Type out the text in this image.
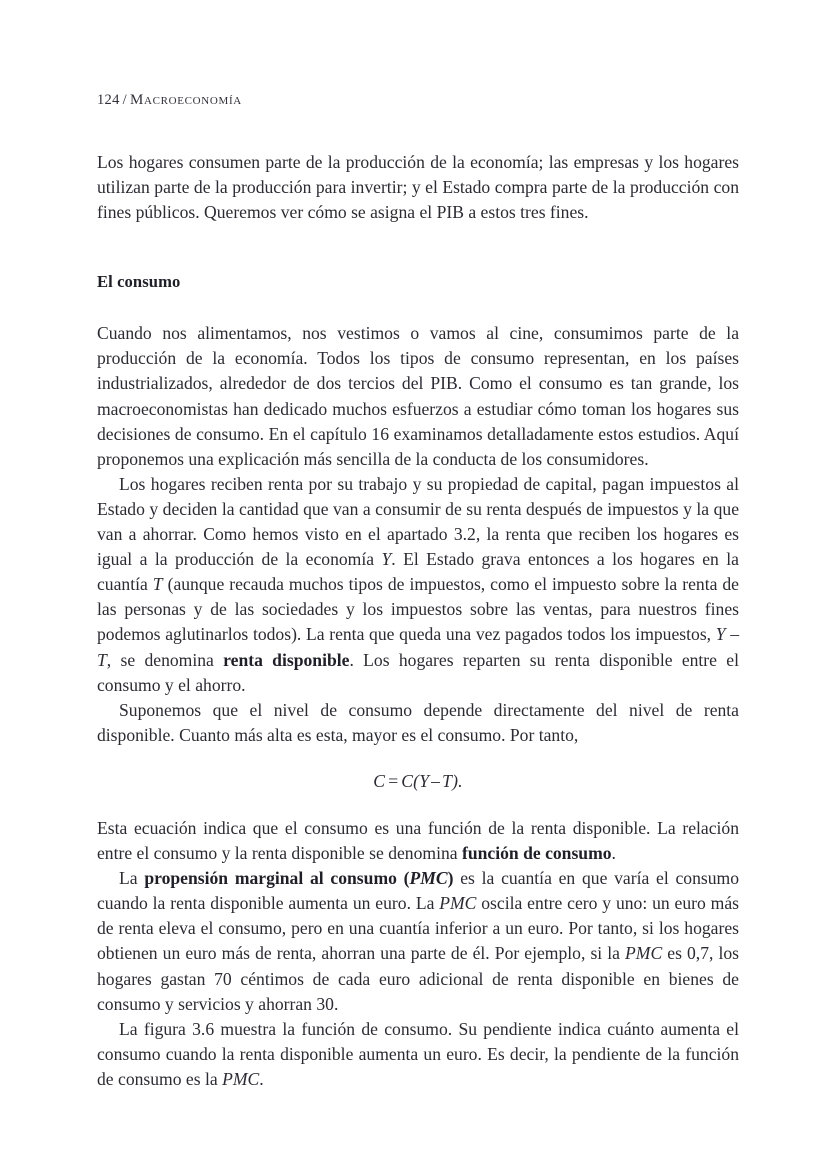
124 / Macroeconomía

Los hogares consumen parte de la producción de la economía; las empresas y los hogares utilizan parte de la producción para invertir; y el Estado compra parte de la producción con fines públicos. Queremos ver cómo se asigna el PIB a estos tres fines.

El consumo

Cuando nos alimentamos, nos vestimos o vamos al cine, consumimos parte de la producción de la economía. Todos los tipos de consumo representan, en los países industrializados, alrededor de dos tercios del PIB. Como el consumo es tan grande, los macroeconomistas han dedicado muchos esfuerzos a estudiar cómo toman los hogares sus decisiones de consumo. En el capítulo 16 examinamos detalladamente estos estudios. Aquí proponemos una explicación más sencilla de la conducta de los consumidores.

Los hogares reciben renta por su trabajo y su propiedad de capital, pagan impuestos al Estado y deciden la cantidad que van a consumir de su renta después de impuestos y la que van a ahorrar. Como hemos visto en el apartado 3.2, la renta que reciben los hogares es igual a la producción de la economía Y. El Estado grava entonces a los hogares en la cuantía T (aunque recauda muchos tipos de impuestos, como el impuesto sobre la renta de las personas y de las sociedades y los impuestos sobre las ventas, para nuestros fines podemos aglutinarlos todos). La renta que queda una vez pagados todos los impuestos, Y – T, se denomina renta disponible. Los hogares reparten su renta disponible entre el consumo y el ahorro.

Suponemos que el nivel de consumo depende directamente del nivel de renta disponible. Cuanto más alta es esta, mayor es el consumo. Por tanto,

C = C(Y – T).

Esta ecuación indica que el consumo es una función de la renta disponible. La relación entre el consumo y la renta disponible se denomina función de consumo.

La propensión marginal al consumo (PMC) es la cuantía en que varía el consumo cuando la renta disponible aumenta un euro. La PMC oscila entre cero y uno: un euro más de renta eleva el consumo, pero en una cuantía inferior a un euro. Por tanto, si los hogares obtienen un euro más de renta, ahorran una parte de él. Por ejemplo, si la PMC es 0,7, los hogares gastan 70 céntimos de cada euro adicional de renta disponible en bienes de consumo y servicios y ahorran 30.

La figura 3.6 muestra la función de consumo. Su pendiente indica cuánto aumenta el consumo cuando la renta disponible aumenta un euro. Es decir, la pendiente de la función de consumo es la PMC.
